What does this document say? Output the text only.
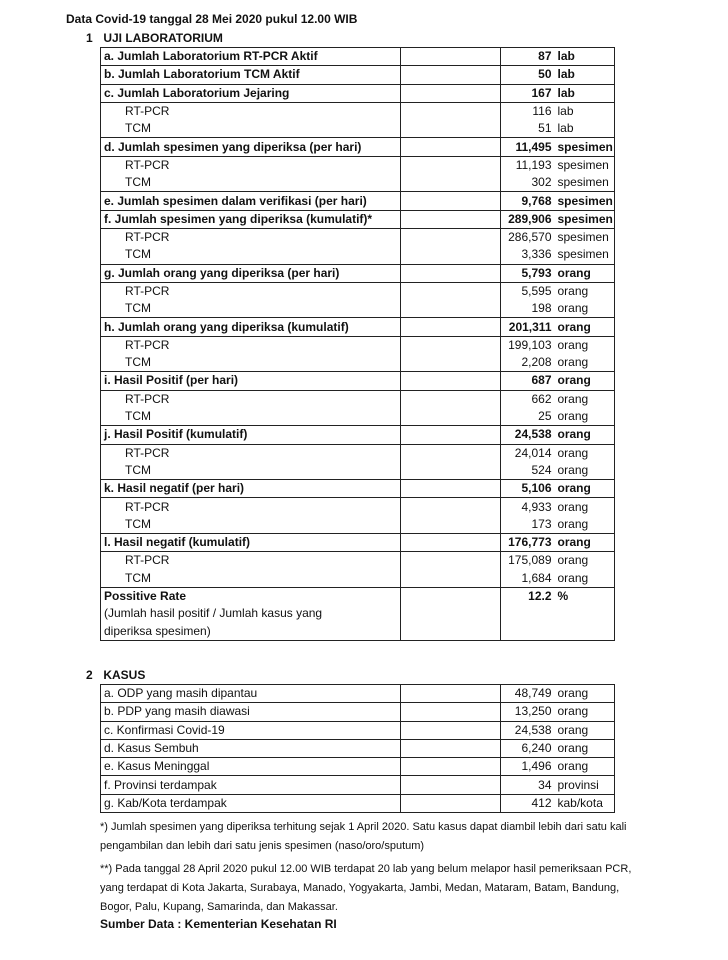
Data Covid-19 tanggal 28 Mei 2020 pukul 12.00 WIB
1 UJI LABORATORIUM
a. Jumlah Laboratorium RT-PCR Aktif		87	lab
b. Jumlah Laboratorium TCM Aktif		50	lab
c. Jumlah Laboratorium Jejaring		167	lab
RT-PCR		116	lab
TCM		51	lab
d. Jumlah spesimen yang diperiksa (per hari)		11,495	spesimen
RT-PCR		11,193	spesimen
TCM		302	spesimen
e. Jumlah spesimen dalam verifikasi (per hari)		9,768	spesimen
f. Jumlah spesimen yang diperiksa (kumulatif)*		289,906	spesimen
RT-PCR		286,570	spesimen
TCM		3,336	spesimen
g. Jumlah orang yang diperiksa (per hari)		5,793	orang
RT-PCR		5,595	orang
TCM		198	orang
h. Jumlah orang yang diperiksa (kumulatif)		201,311	orang
RT-PCR		199,103	orang
TCM		2,208	orang
i. Hasil Positif (per hari)		687	orang
RT-PCR		662	orang
TCM		25	orang
j. Hasil Positif (kumulatif)		24,538	orang
RT-PCR		24,014	orang
TCM		524	orang
k. Hasil negatif (per hari)		5,106	orang
RT-PCR		4,933	orang
TCM		173	orang
l. Hasil negatif (kumulatif)		176,773	orang
RT-PCR		175,089	orang
TCM		1,684	orang
Possitive Rate		12.2	%
(Jumlah hasil positif / Jumlah kasus yang			
diperiksa spesimen)			
2 KASUS
a. ODP yang masih dipantau		48,749	orang
b. PDP yang masih diawasi		13,250	orang
c. Konfirmasi Covid-19		24,538	orang
d. Kasus Sembuh		6,240	orang
e. Kasus Meninggal		1,496	orang
f. Provinsi terdampak		34	provinsi
g. Kab/Kota terdampak		412	kab/kota
*) Jumlah spesimen yang diperiksa terhitung sejak 1 April 2020. Satu kasus dapat diambil lebih dari satu kali pengambilan dan lebih dari satu jenis spesimen (naso/oro/sputum)
**) Pada tanggal 28 April 2020 pukul 12.00 WIB terdapat 20 lab yang belum melapor hasil pemeriksaan PCR, yang terdapat di Kota Jakarta, Surabaya, Manado, Yogyakarta, Jambi, Medan, Mataram, Batam, Bandung, Bogor, Palu, Kupang, Samarinda, dan Makassar.
Sumber Data : Kementerian Kesehatan RI
